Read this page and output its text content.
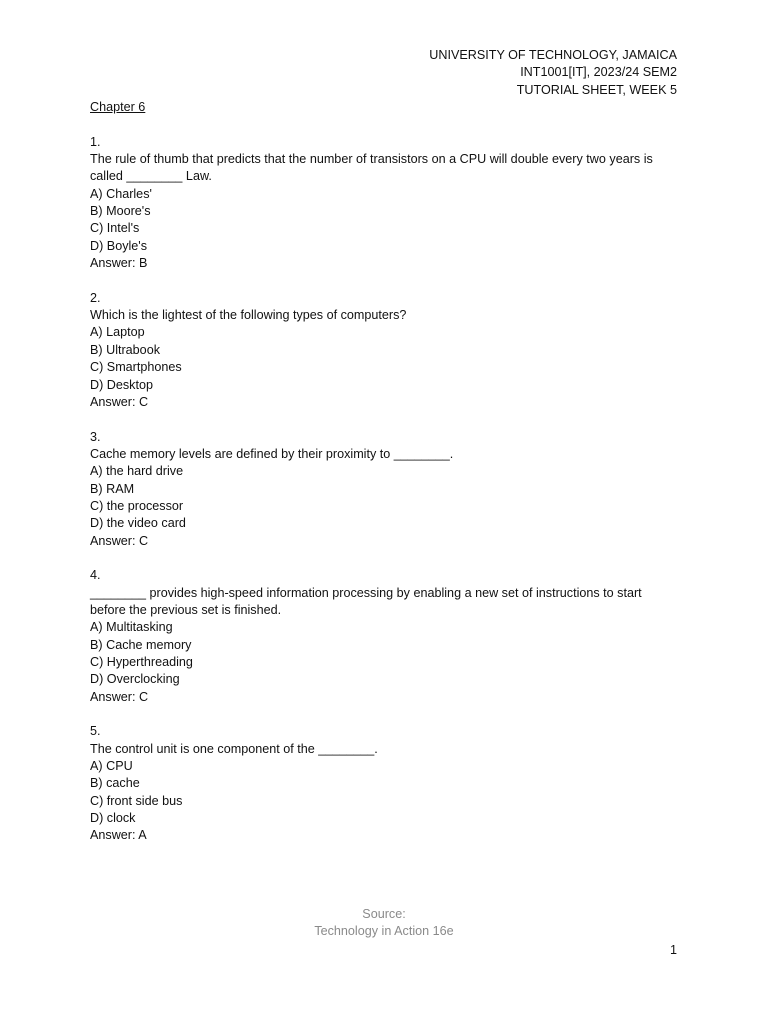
UNIVERSITY OF TECHNOLOGY, JAMAICA
INT1001[IT], 2023/24 SEM2
TUTORIAL SHEET, WEEK 5

Chapter 6

1.

The rule of thumb that predicts that the number of transistors on a CPU will double every two years is called ________ Law.

A) Charles'

B) Moore's

C) Intel's

D) Boyle's

Answer: B

2.

Which is the lightest of the following types of computers?

A) Laptop

B) Ultrabook

C) Smartphones

D) Desktop

Answer: C

3.

Cache memory levels are defined by their proximity to ________.

A) the hard drive

B) RAM

C) the processor

D) the video card

Answer: C

4.

________ provides high-speed information processing by enabling a new set of instructions to start before the previous set is finished.

A) Multitasking

B) Cache memory

C) Hyperthreading

D) Overclocking

Answer: C

5.

The control unit is one component of the ________.

A) CPU

B) cache

C) front side bus

D) clock

Answer: A

Source:
Technology in Action 16e
1
